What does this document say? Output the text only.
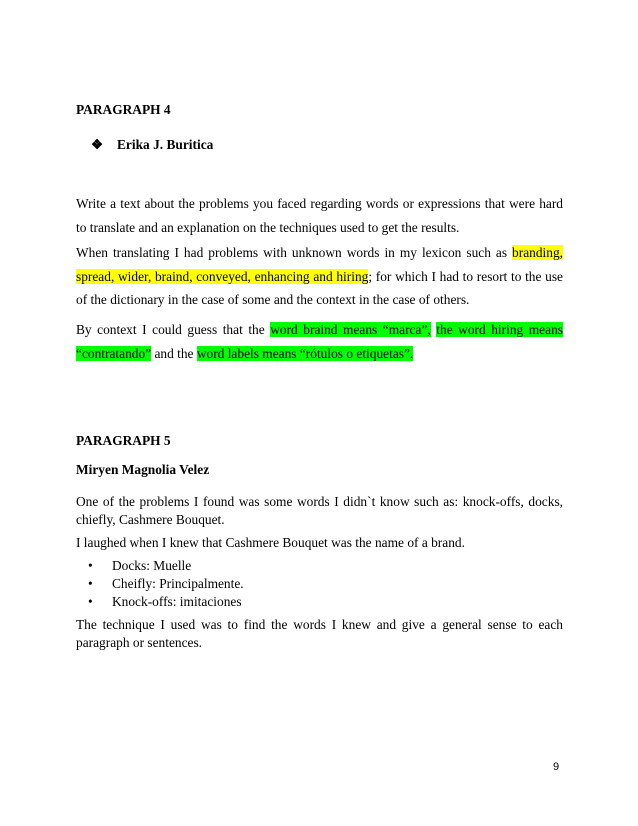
PARAGRAPH 4

❖ Erika J. Buritica

Write a text about the problems you faced regarding words or expressions that were hard to translate and an explanation on the techniques used to get the results.

When translating I had problems with unknown words in my lexicon such as branding, spread, wider, braind, conveyed, enhancing and hiring; for which I had to resort to the use of the dictionary in the case of some and the context in the case of others.

By context I could guess that the word braind means “marca”, the word hiring means “contratando” and the word labels means “rótulos o etiquetas”.

PARAGRAPH 5

Miryen Magnolia Velez

One of the problems I found was some words I didn`t know such as: knock-offs, docks, chiefly, Cashmere Bouquet.

I laughed when I knew that Cashmere Bouquet was the name of a brand.

• Docks: Muelle
• Cheifly: Principalmente.
• Knock-offs: imitaciones

The technique I used was to find the words I knew and give a general sense to each paragraph or sentences.

9
